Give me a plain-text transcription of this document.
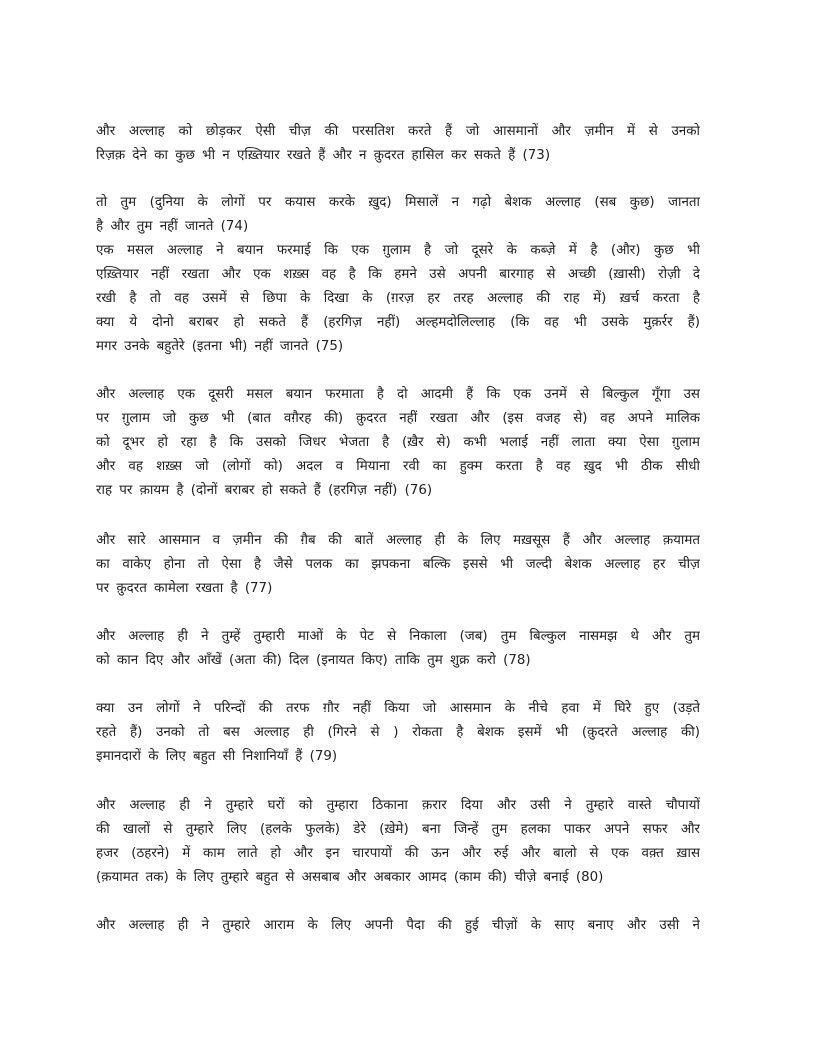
और अल्लाह को छोड़कर ऐसी चीज़ की परसतिश करते हैं जो आसमानों और ज़मीन में से उनको
रिज़क़ देने का कुछ भी न एख़्तियार रखते हैं और न क़ुदरत हासिल कर सकते हैं (73)

तो तुम (दुनिया के लोगों पर कयास करके ख़ुद) मिसालें न गढ़ो बेशक अल्लाह (सब कुछ) जानता
है और तुम नहीं जानते (74)

एक मसल अल्लाह ने बयान फरमाई कि एक ग़ुलाम है जो दूसरे के कब्ज़े में है (और) कुछ भी
एख़्तियार नहीं रखता और एक शख़्स वह है कि हमने उसे अपनी बारगाह से अच्छी (ख़ासी) रोज़ी दे
रखी है तो वह उसमें से छिपा के दिखा के (ग़रज़ हर तरह अल्लाह की राह में) ख़र्च करता है
क्या ये दोनो बराबर हो सकते हैं (हरगिज़ नहीं) अल्हमदोलिल्लाह (कि वह भी उसके मुक़र्रर हैं)
मगर उनके बहुतेरे (इतना भी) नहीं जानते (75)

और अल्लाह एक दूसरी मसल बयान फरमाता है दो आदमी हैं कि एक उनमें से बिल्कुल गूँगा उस
पर ग़ुलाम जो कुछ भी (बात वग़ैरह की) क़ुदरत नहीं रखता और (इस वजह से) वह अपने मालिक
को दूभर हो रहा है कि उसको जिधर भेजता है (ख़ैर से) कभी भलाई नहीं लाता क्या ऐसा ग़ुलाम
और वह शख़्स जो (लोगों को) अदल व मियाना रवी का हुक्म करता है वह ख़ुद भी ठीक सीधी
राह पर क़ायम है (दोनों बराबर हो सकते हैं (हरगिज़ नहीं) (76)

और सारे आसमान व ज़मीन की ग़ैब की बातें अल्लाह ही के लिए मख़सूस हैं और अल्लाह क़यामत
का वाकेए होना तो ऐसा है जैसे पलक का झपकना बल्कि इससे भी जल्दी बेशक अल्लाह हर चीज़
पर क़ुदरत कामेला रखता है (77)

और अल्लाह ही ने तुम्हें तुम्हारी माओं के पेट से निकाला (जब) तुम बिल्कुल नासमझ थे और तुम
को कान दिए और आँखें (अता की) दिल (इनायत किए) ताकि तुम शुक्र करो (78)

क्या उन लोगों ने परिन्दों की तरफ ग़ौर नहीं किया जो आसमान के नीचे हवा में घिरे हुए (उड़ते
रहते हैं) उनको तो बस अल्लाह ही (गिरने से ) रोकता है बेशक इसमें भी (क़ुदरते अल्लाह की)
इमानदारों के लिए बहुत सी निशानियाँ हैं (79)

और अल्लाह ही ने तुम्हारे घरों को तुम्हारा ठिकाना क़रार दिया और उसी ने तुम्हारे वास्ते चौपायों
की खालों से तुम्हारे लिए (हलके फुलके) डेरे (ख़ेमे) बना जिन्हें तुम हलका पाकर अपने सफर और
हजर (ठहरने) में काम लाते हो और इन चारपायों की ऊन और रुई और बालो से एक वक़्त ख़ास
(क़यामत तक) के लिए तुम्हारे बहुत से असबाब और अबकार आमद (काम की) चीज़े बनाई (80)

और अल्लाह ही ने तुम्हारे आराम के लिए अपनी पैदा की हुई चीज़ों के साए बनाए और उसी ने
